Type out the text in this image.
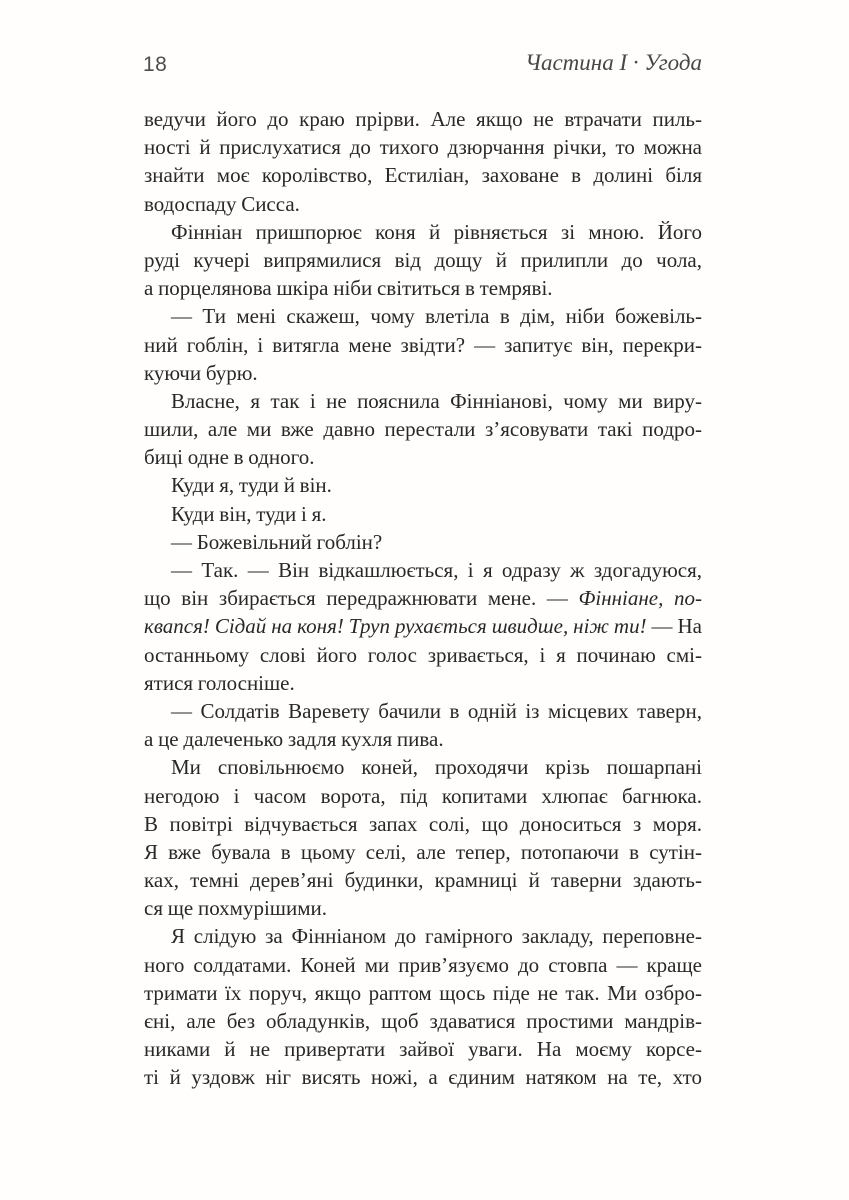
18	Частина I · Угода
ведучи його до краю прірви. Але якщо не втрачати пиль-
ності й прислухатися до тихого дзюрчання річки, то можна
знайти моє королівство, Естиліан, заховане в долині біля
водоспаду Сисса.
Фінніан пришпорює коня й рівняється зі мною. Його
руді кучері випрямилися від дощу й прилипли до чола,
а порцелянова шкіра ніби світиться в темряві.
— Ти мені скажеш, чому влетіла в дім, ніби божевіль-
ний гоблін, і витягла мене звідти? — запитує він, перекри-
куючи бурю.
Власне, я так і не пояснила Фінніанові, чому ми виру-
шили, але ми вже давно перестали з’ясовувати такі подро-
биці одне в одного.
Куди я, туди й він.
Куди він, туди і я.
— Божевільний гоблін?
— Так. — Він відкашлюється, і я одразу ж здогадуюся,
що він збирається передражнювати мене. — Фінніане, по-
квапся! Сідай на коня! Труп рухається швидше, ніж ти! — На
останньому слові його голос зривається, і я починаю смі-
ятися голосніше.
— Солдатів Варевету бачили в одній із місцевих таверн,
а це далеченько задля кухля пива.
Ми сповільнюємо коней, проходячи крізь пошарпані
негодою і часом ворота, під копитами хлюпає багнюка.
В повітрі відчувається запах солі, що доноситься з моря.
Я вже бувала в цьому селі, але тепер, потопаючи в сутін-
ках, темні дерев’яні будинки, крамниці й таверни здають-
ся ще похмурішими.
Я слідую за Фінніаном до гамірного закладу, переповне-
ного солдатами. Коней ми прив’язуємо до стовпа — краще
тримати їх поруч, якщо раптом щось піде не так. Ми озбро-
єні, але без обладунків, щоб здаватися простими мандрів-
никами й не привертати зайвої уваги. На моєму корсе-
ті й уздовж ніг висять ножі, а єдиним натяком на те, хто
